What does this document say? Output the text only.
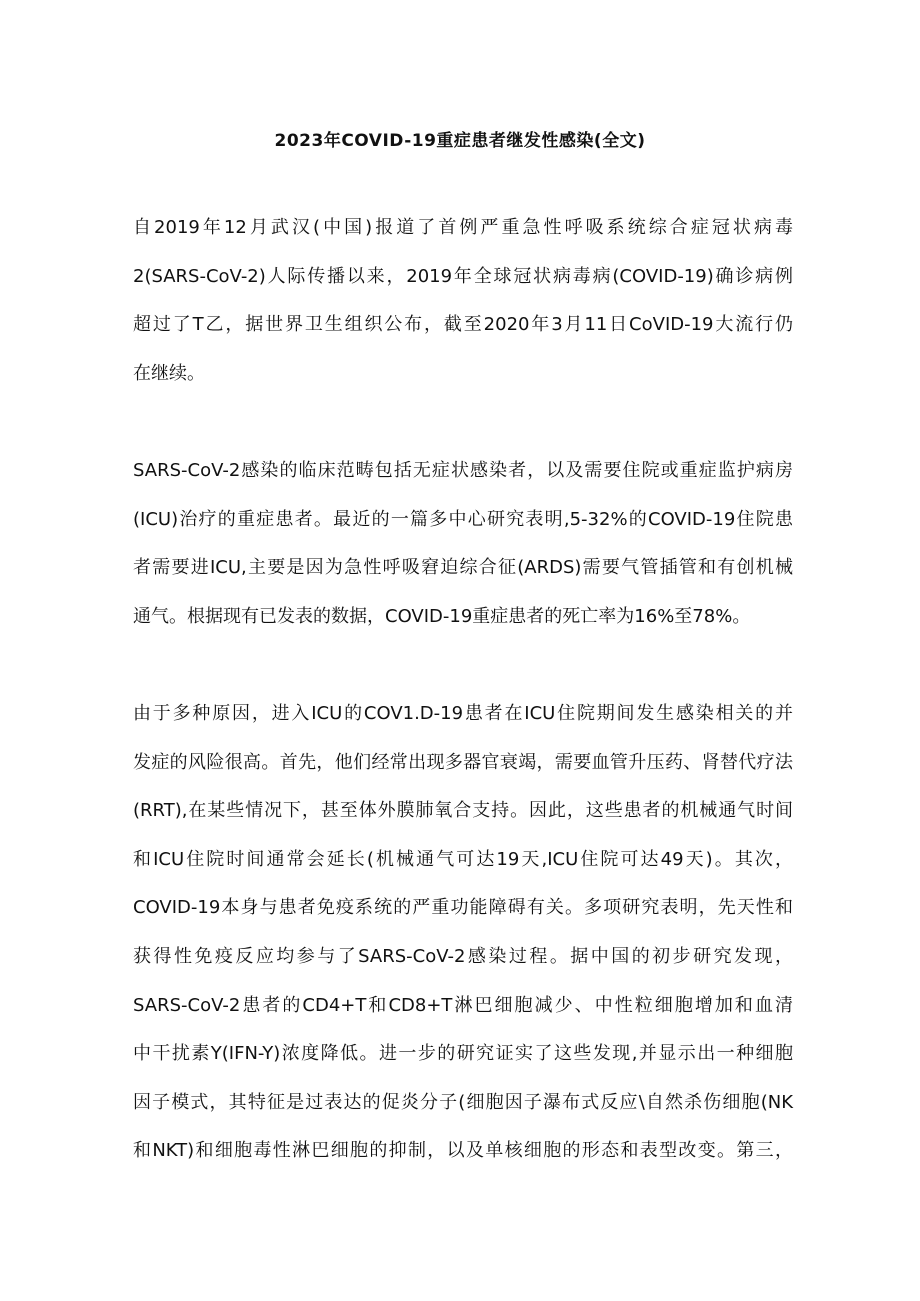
2023年COVID-19重症患者继发性感染(全文)
自2019年12月武汉(中国)报道了首例严重急性呼吸系统综合症冠状病毒
2(SARS-CoV-2)人际传播以来，2019年全球冠状病毒病(COVID-19)确诊病例
超过了T乙，据世界卫生组织公布，截至2020年3月11日CoVID-19大流行仍
在继续。
SARS-CoV-2感染的临床范畴包括无症状感染者，以及需要住院或重症监护病房
(ICU)治疗的重症患者。最近的一篇多中心研究表明,5-32%的COVID-19住院患
者需要进ICU,主要是因为急性呼吸窘迫综合征(ARDS)需要气管插管和有创机械
通气。根据现有已发表的数据，COVID-19重症患者的死亡率为16%至78%。
由于多种原因，进入ICU的COV1.D-19患者在ICU住院期间发生感染相关的并
发症的风险很高。首先，他们经常出现多器官衰竭，需要血管升压药、肾替代疗法
(RRT),在某些情况下，甚至体外膜肺氧合支持。因此，这些患者的机械通气时间
和ICU住院时间通常会延长(机械通气可达19天,ICU住院可达49天)。其次，
COVID-19本身与患者免疫系统的严重功能障碍有关。多项研究表明，先天性和
获得性免疫反应均参与了SARS-CoV-2感染过程。据中国的初步研究发现，
SARS-CoV-2患者的CD4+T和CD8+T淋巴细胞减少、中性粒细胞增加和血清
中干扰素Y(IFN-Y)浓度降低。进一步的研究证实了这些发现,并显示出一种细胞
因子模式，其特征是过表达的促炎分子(细胞因子瀑布式反应\自然杀伤细胞(NK
和NKT)和细胞毒性淋巴细胞的抑制，以及单核细胞的形态和表型改变。第三，
